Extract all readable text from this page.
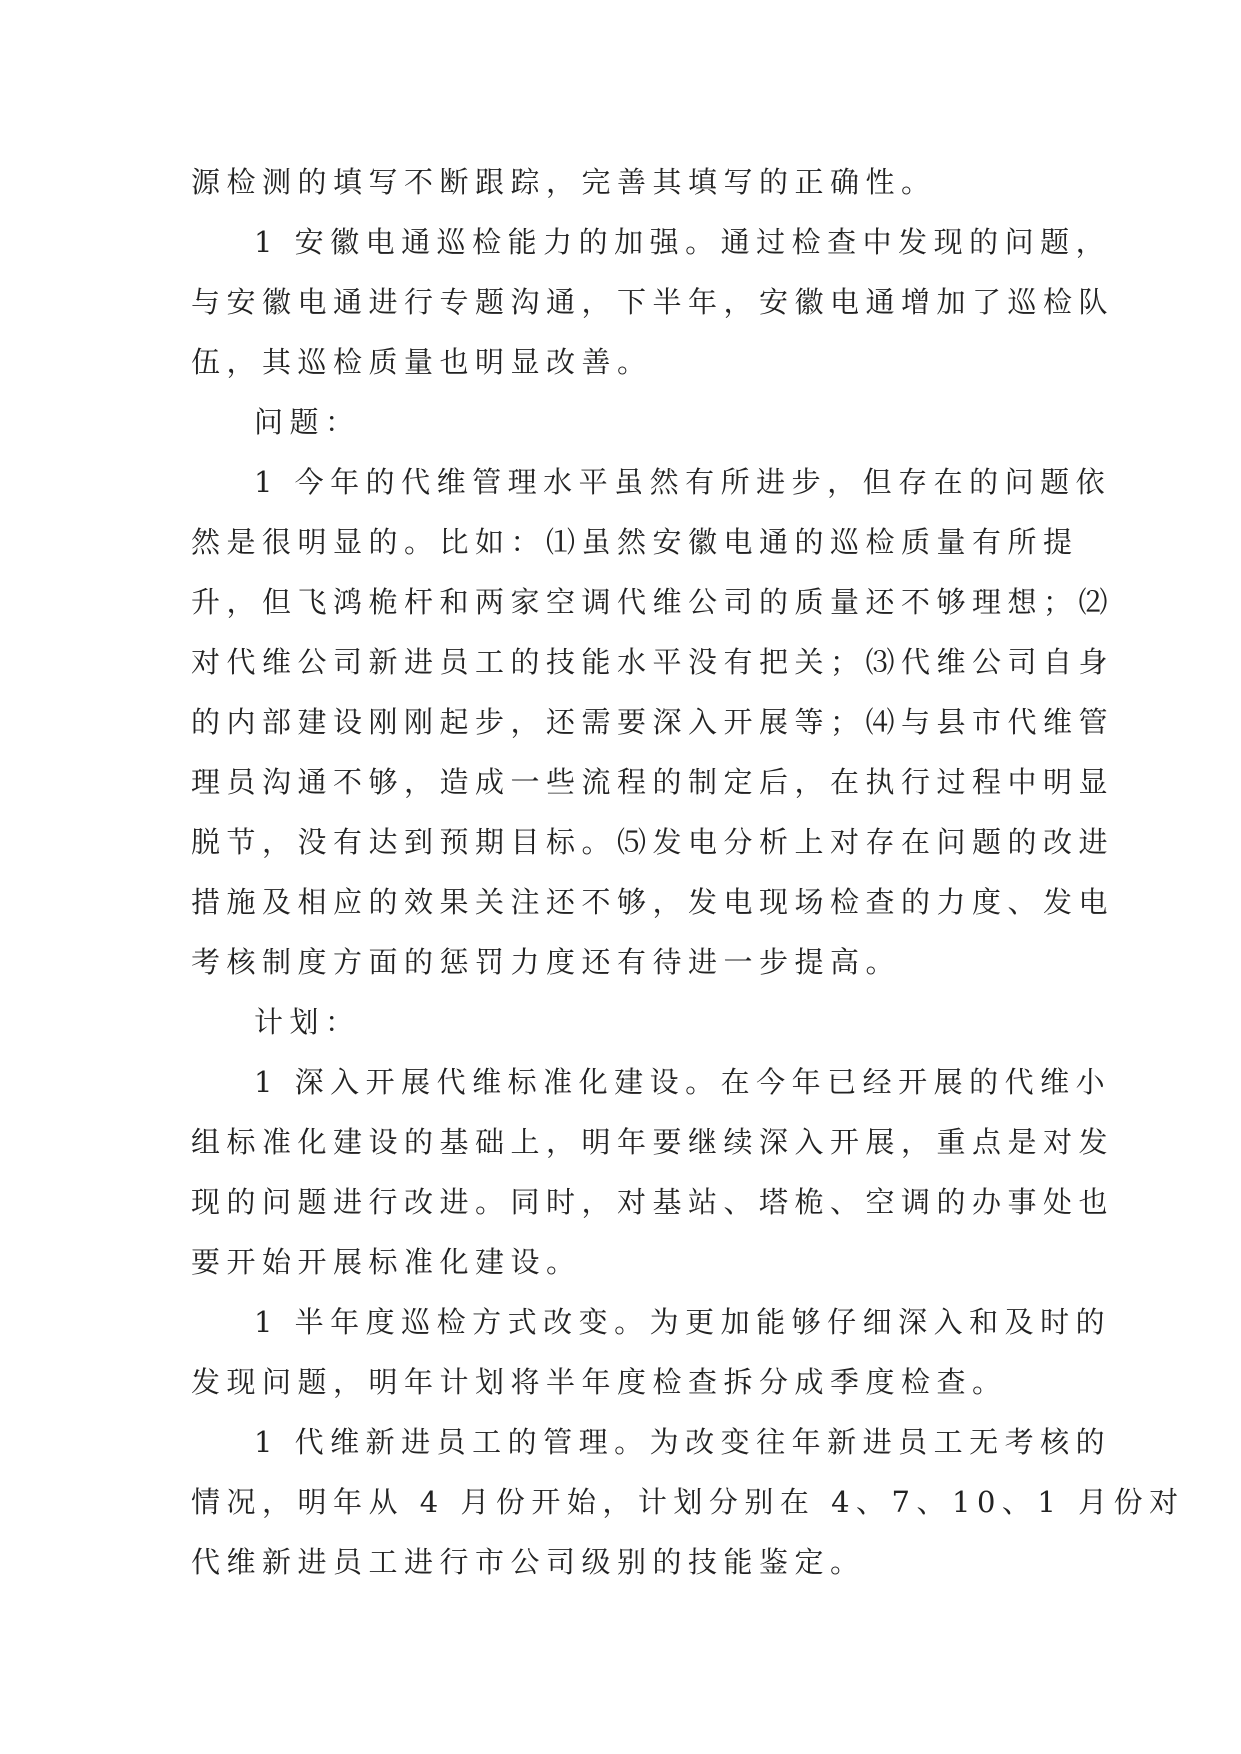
源检测的填写不断跟踪，完善其填写的正确性。
1 安徽电通巡检能力的加强。通过检查中发现的问题，
与安徽电通进行专题沟通，下半年，安徽电通增加了巡检队
伍，其巡检质量也明显改善。
问题：
1 今年的代维管理水平虽然有所进步，但存在的问题依
然是很明显的。比如：⑴虽然安徽电通的巡检质量有所提
升，但飞鸿桅杆和两家空调代维公司的质量还不够理想；⑵
对代维公司新进员工的技能水平没有把关；⑶代维公司自身
的内部建设刚刚起步，还需要深入开展等；⑷与县市代维管
理员沟通不够，造成一些流程的制定后，在执行过程中明显
脱节，没有达到预期目标。⑸发电分析上对存在问题的改进
措施及相应的效果关注还不够，发电现场检查的力度、发电
考核制度方面的惩罚力度还有待进一步提高。
计划：
1 深入开展代维标准化建设。在今年已经开展的代维小
组标准化建设的基础上，明年要继续深入开展，重点是对发
现的问题进行改进。同时，对基站、塔桅、空调的办事处也
要开始开展标准化建设。
1 半年度巡检方式改变。为更加能够仔细深入和及时的
发现问题，明年计划将半年度检查拆分成季度检查。
1 代维新进员工的管理。为改变往年新进员工无考核的
情况，明年从 4 月份开始，计划分别在 4、7、10、1 月份对
代维新进员工进行市公司级别的技能鉴定。
